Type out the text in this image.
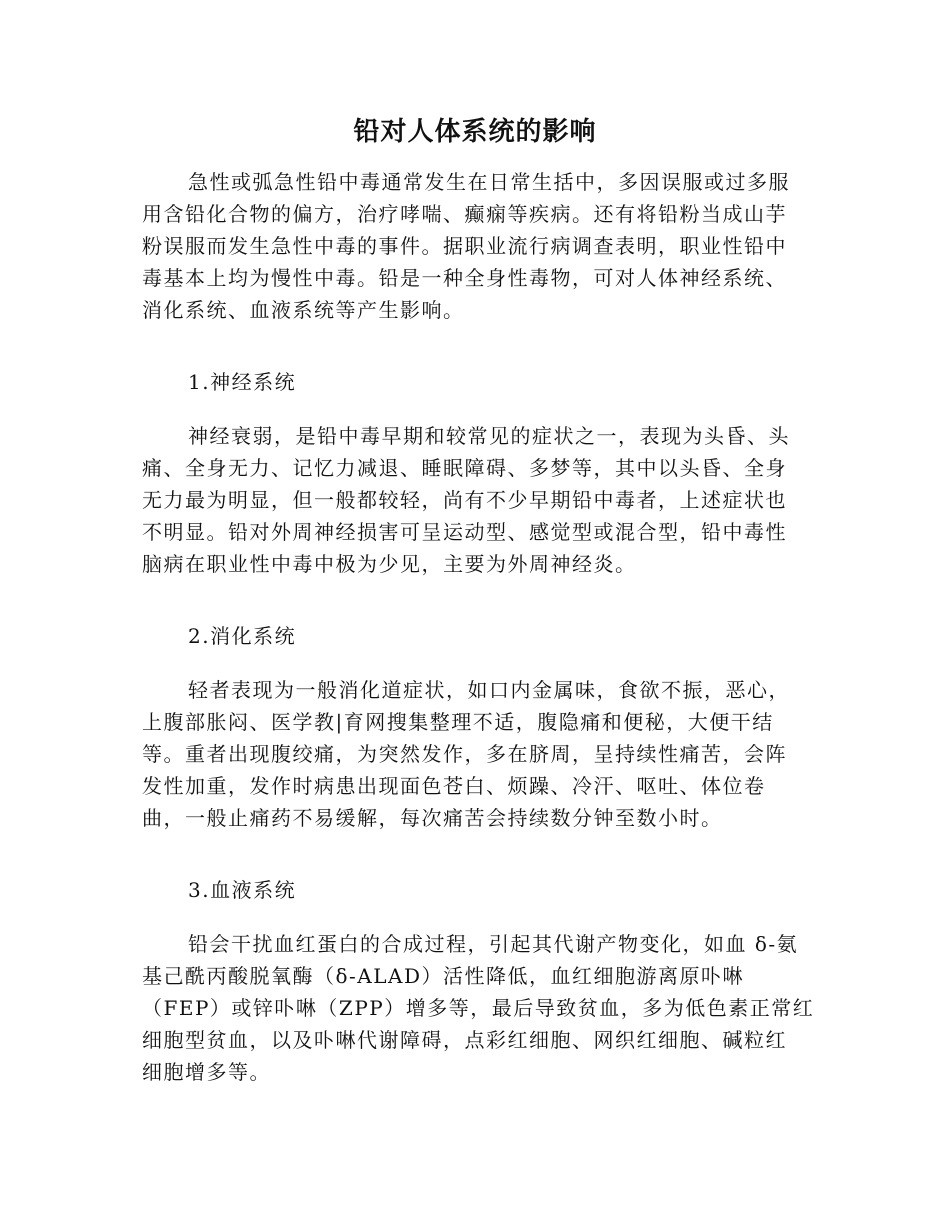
铅对人体系统的影响

急性或弧急性铅中毒通常发生在日常生括中，多因误服或过多服

用含铅化合物的偏方，治疗哮喘、癫痫等疾病。还有将铅粉当成山芋

粉误服而发生急性中毒的事件。据职业流行病调查表明，职业性铅中

毒基本上均为慢性中毒。铅是一种全身性毒物，可对人体神经系统、

消化系统、血液系统等产生影响。

1.神经系统

神经衰弱，是铅中毒早期和较常见的症状之一，表现为头昏、头

痛、全身无力、记忆力减退、睡眠障碍、多梦等，其中以头昏、全身

无力最为明显，但一般都较轻，尚有不少早期铅中毒者，上述症状也

不明显。铅对外周神经损害可呈运动型、感觉型或混合型，铅中毒性

脑病在职业性中毒中极为少见，主要为外周神经炎。

2.消化系统

轻者表现为一般消化道症状，如口内金属味，食欲不振，恶心，

上腹部胀闷、医学教|育网搜集整理不适，腹隐痛和便秘，大便干结

等。重者出现腹绞痛，为突然发作，多在脐周，呈持续性痛苦，会阵

发性加重，发作时病患出现面色苍白、烦躁、冷汗、呕吐、体位卷

曲，一般止痛药不易缓解，每次痛苦会持续数分钟至数小时。

3.血液系统

铅会干扰血红蛋白的合成过程，引起其代谢产物变化，如血 δ-氨

基己酰丙酸脱氧酶（δ-ALAD）活性降低，血红细胞游离原卟啉

（FEP）或锌卟啉（ZPP）增多等，最后导致贫血，多为低色素正常红

细胞型贫血，以及卟啉代谢障碍，点彩红细胞、网织红细胞、碱粒红

细胞增多等。
